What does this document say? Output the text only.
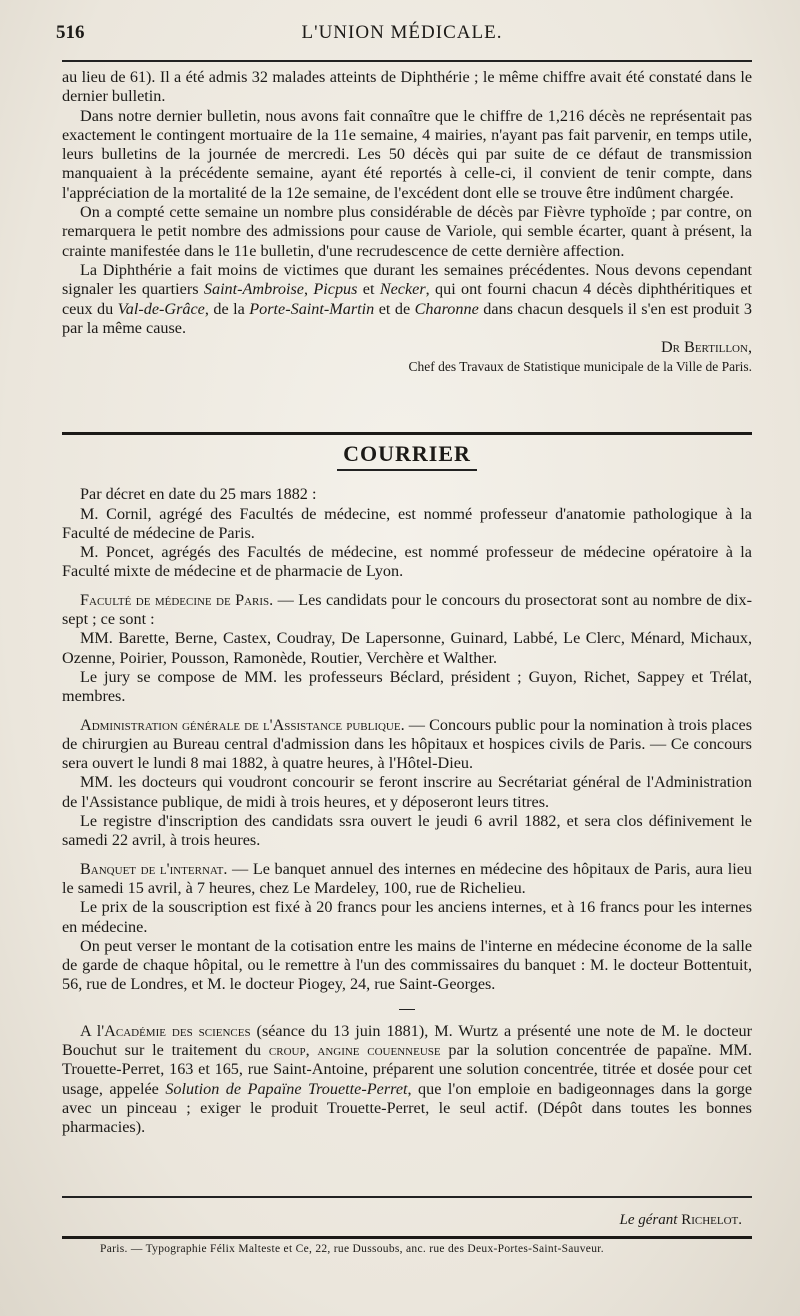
516	L'UNION MÉDICALE.

au lieu de 61). Il a été admis 32 malades atteints de Diphthérie ; le même chiffre avait été constaté dans le dernier bulletin.

Dans notre dernier bulletin, nous avons fait connaître que le chiffre de 1,216 décès ne représentait pas exactement le contingent mortuaire de la 11e semaine, 4 mairies, n'ayant pas fait parvenir, en temps utile, leurs bulletins de la journée de mercredi. Les 50 décès qui par suite de ce défaut de transmission manquaient à la précédente semaine, ayant été reportés à celle-ci, il convient de tenir compte, dans l'appréciation de la mortalité de la 12e semaine, de l'excédent dont elle se trouve être indûment chargée.

On a compté cette semaine un nombre plus considérable de décès par Fièvre typhoïde ; par contre, on remarquera le petit nombre des admissions pour cause de Variole, qui semble écarter, quant à présent, la crainte manifestée dans le 11e bulletin, d'une recrudescence de cette dernière affection.

La Diphthérie a fait moins de victimes que durant les semaines précédentes. Nous devons cependant signaler les quartiers Saint-Ambroise, Picpus et Necker, qui ont fourni chacun 4 décès diphthéritiques et ceux du Val-de-Grâce, de la Porte-Saint-Martin et de Charonne dans chacun desquels il s'en est produit 3 par la même cause.

Dr Bertillon,

Chef des Travaux de Statistique municipale de la Ville de Paris.

COURRIER

Par décret en date du 25 mars 1882 :

M. Cornil, agrégé des Facultés de médecine, est nommé professeur d'anatomie pathologique à la Faculté de médecine de Paris.

M. Poncet, agrégés des Facultés de médecine, est nommé professeur de médecine opératoire à la Faculté mixte de médecine et de pharmacie de Lyon.

Faculté de médecine de Paris. — Les candidats pour le concours du prosectorat sont au nombre de dix-sept ; ce sont :

MM. Barette, Berne, Castex, Coudray, De Lapersonne, Guinard, Labbé, Le Clerc, Ménard, Michaux, Ozenne, Poirier, Pousson, Ramonède, Routier, Verchère et Walther.

Le jury se compose de MM. les professeurs Béclard, président ; Guyon, Richet, Sappey et Trélat, membres.

Administration générale de l'Assistance publique. — Concours public pour la nomination à trois places de chirurgien au Bureau central d'admission dans les hôpitaux et hospices civils de Paris. — Ce concours sera ouvert le lundi 8 mai 1882, à quatre heures, à l'Hôtel-Dieu.

MM. les docteurs qui voudront concourir se feront inscrire au Secrétariat général de l'Administration de l'Assistance publique, de midi à trois heures, et y déposeront leurs titres.

Le registre d'inscription des candidats ssra ouvert le jeudi 6 avril 1882, et sera clos définivement le samedi 22 avril, à trois heures.

Banquet de l'internat. — Le banquet annuel des internes en médecine des hôpitaux de Paris, aura lieu le samedi 15 avril, à 7 heures, chez Le Mardeley, 100, rue de Richelieu.

Le prix de la souscription est fixé à 20 francs pour les anciens internes, et à 16 francs pour les internes en médecine.

On peut verser le montant de la cotisation entre les mains de l'interne en médecine économe de la salle de garde de chaque hôpital, ou le remettre à l'un des commissaires du banquet : M. le docteur Bottentuit, 56, rue de Londres, et M. le docteur Piogey, 24, rue Saint-Georges.

A l'Académie des sciences (séance du 13 juin 1881), M. Wurtz a présenté une note de M. le docteur Bouchut sur le traitement du croup, angine couenneuse par la solution concentrée de papaïne. MM. Trouette-Perret, 163 et 165, rue Saint-Antoine, préparent une solution concentrée, titrée et dosée pour cet usage, appelée Solution de Papaïne Trouette-Perret, que l'on emploie en badigeonnages dans la gorge avec un pinceau ; exiger le produit Trouette-Perret, le seul actif. (Dépôt dans toutes les bonnes pharmacies).

Le gérant Richelot.
Paris. — Typographie Félix Malteste et Ce, 22, rue Dussoubs, anc. rue des Deux-Portes-Saint-Sauveur.
